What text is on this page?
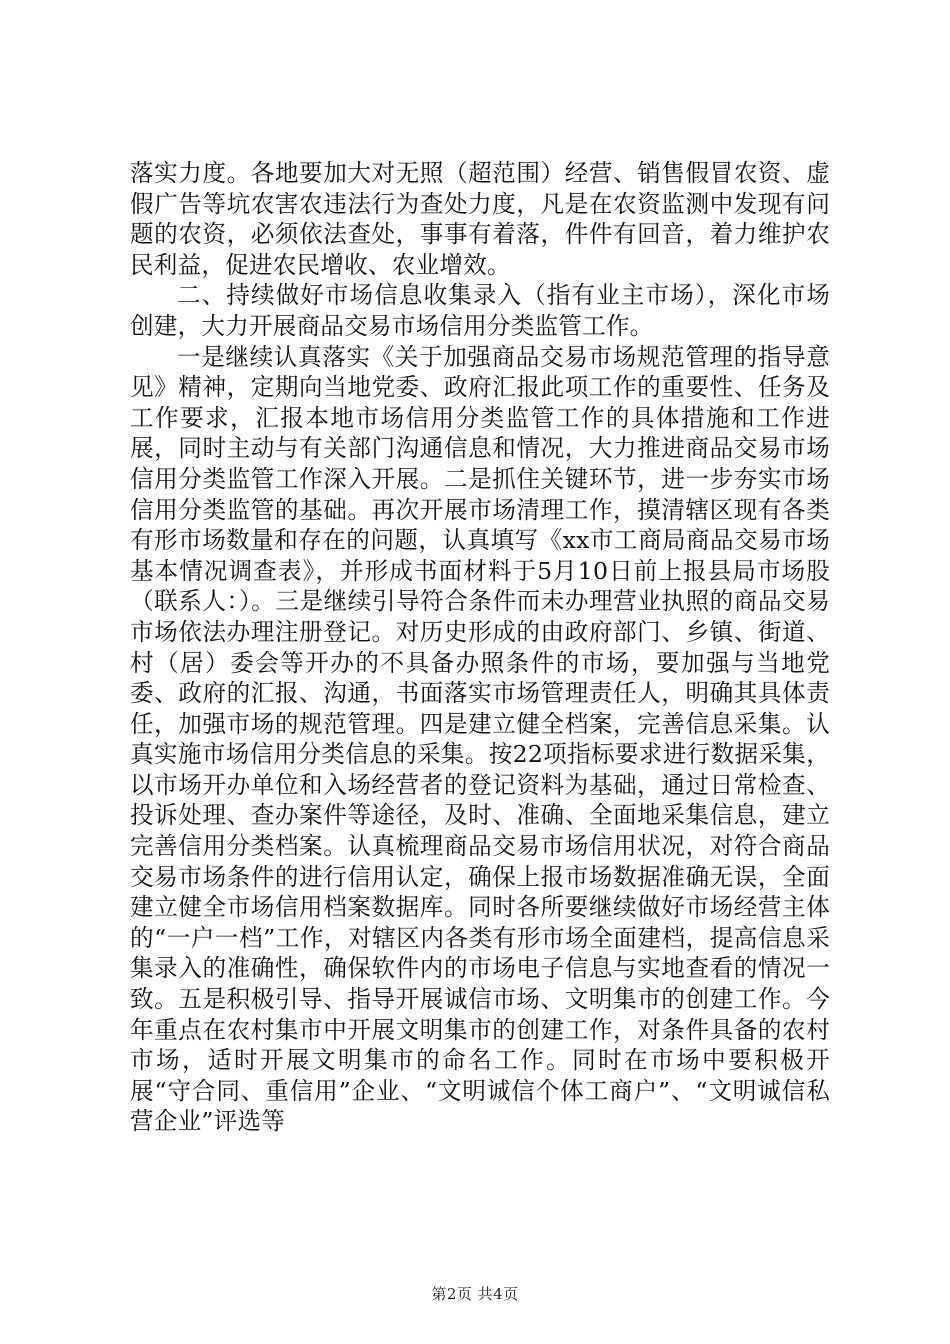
落实力度。各地要加大对无照（超范围）经营、销售假冒农资、虚假广告等坑农害农违法行为查处力度，凡是在农资监测中发现有问题的农资，必须依法查处，事事有着落，件件有回音，着力维护农民利益，促进农民增收、农业增效。

二、持续做好市场信息收集录入（指有业主市场），深化市场创建，大力开展商品交易市场信用分类监管工作。

一是继续认真落实《关于加强商品交易市场规范管理的指导意见》精神，定期向当地党委、政府汇报此项工作的重要性、任务及工作要求，汇报本地市场信用分类监管工作的具体措施和工作进展，同时主动与有关部门沟通信息和情况，大力推进商品交易市场信用分类监管工作深入开展。二是抓住关键环节，进一步夯实市场信用分类监管的基础。再次开展市场清理工作，摸清辖区现有各类有形市场数量和存在的问题，认真填写《xx市工商局商品交易市场基本情况调查表》，并形成书面材料于5月10日前上报县局市场股（联系人：）。三是继续引导符合条件而未办理营业执照的商品交易市场依法办理注册登记。对历史形成的由政府部门、乡镇、街道、村（居）委会等开办的不具备办照条件的市场，要加强与当地党委、政府的汇报、沟通，书面落实市场管理责任人，明确其具体责任，加强市场的规范管理。四是建立健全档案，完善信息采集。认真实施市场信用分类信息的采集。按22项指标要求进行数据采集，以市场开办单位和入场经营者的登记资料为基础，通过日常检查、投诉处理、查办案件等途径，及时、准确、全面地采集信息，建立完善信用分类档案。认真梳理商品交易市场信用状况，对符合商品交易市场条件的进行信用认定，确保上报市场数据准确无误，全面建立健全市场信用档案数据库。同时各所要继续做好市场经营主体的“一户一档”工作，对辖区内各类有形市场全面建档，提高信息采集录入的准确性，确保软件内的市场电子信息与实地查看的情况一致。五是积极引导、指导开展诚信市场、文明集市的创建工作。今年重点在农村集市中开展文明集市的创建工作，对条件具备的农村市场，适时开展文明集市的命名工作。同时在市场中要积极开展“守合同、重信用”企业、“文明诚信个体工商户”、“文明诚信私营企业”评选等

第2页 共4页
